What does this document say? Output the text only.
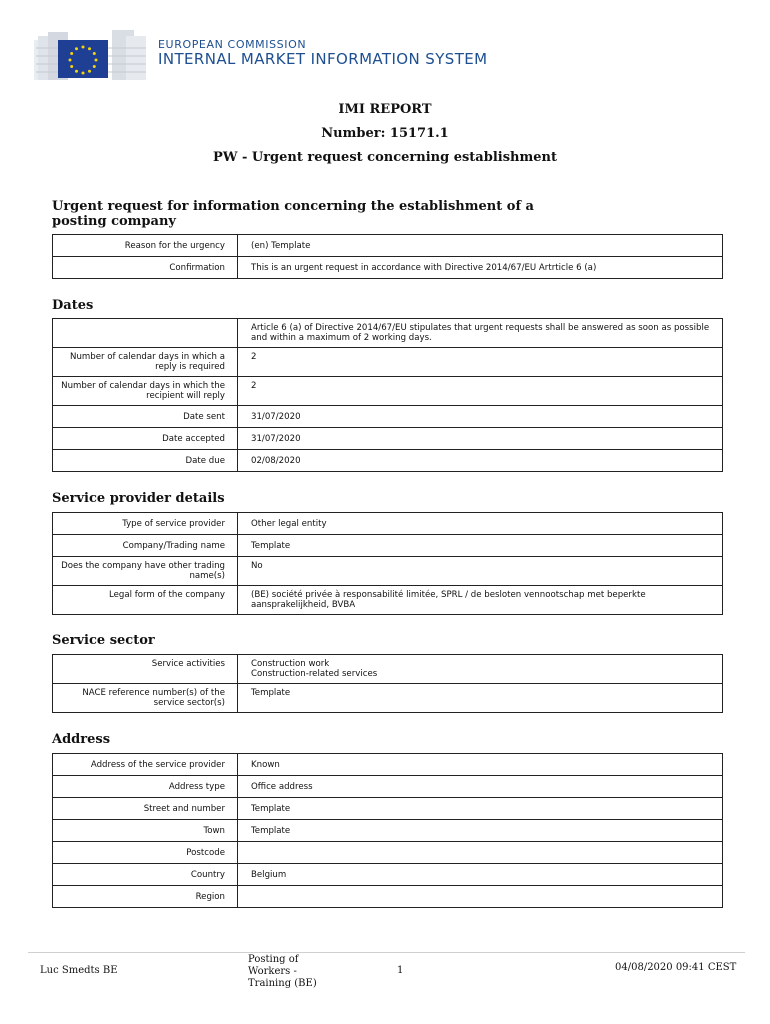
EUROPEAN COMMISSION
INTERNAL MARKET INFORMATION SYSTEM
IMI REPORT
Number: 15171.1
PW - Urgent request concerning establishment
Urgent request for information concerning the establishment of a posting company
Reason for the urgency	(en) Template

Confirmation	This is an urgent request in accordance with Directive 2014/67/EU Artrticle 6 (a)
Dates

	Article 6 (a) of Directive 2014/67/EU stipulates that urgent requests shall be answered as soon as possible and within a maximum of 2 working days.

Number of calendar days in which a reply is required	2

Number of calendar days in which the recipient will reply	2

Date sent	31/07/2020

Date accepted	31/07/2020

Date due	02/08/2020
Service provider details
Type of service provider	Other legal entity

Company/Trading name	Template

Does the company have other trading name(s)	No

Legal form of the company	(BE) société privée à responsabilité limitée, SPRL / de besloten vennootschap met beperkte aansprakelijkheid, BVBA
Service sector
Service activities	Construction work
Construction-related services

NACE reference number(s) of the service sector(s)	Template
Address
Address of the service provider	Known

Address type	Office address

Street and number	Template

Town	Template

Postcode	

Country	Belgium

Region	

Luc Smedts BE
Posting of
Workers -
Training (BE)
1	04/08/2020 09:41 CEST
